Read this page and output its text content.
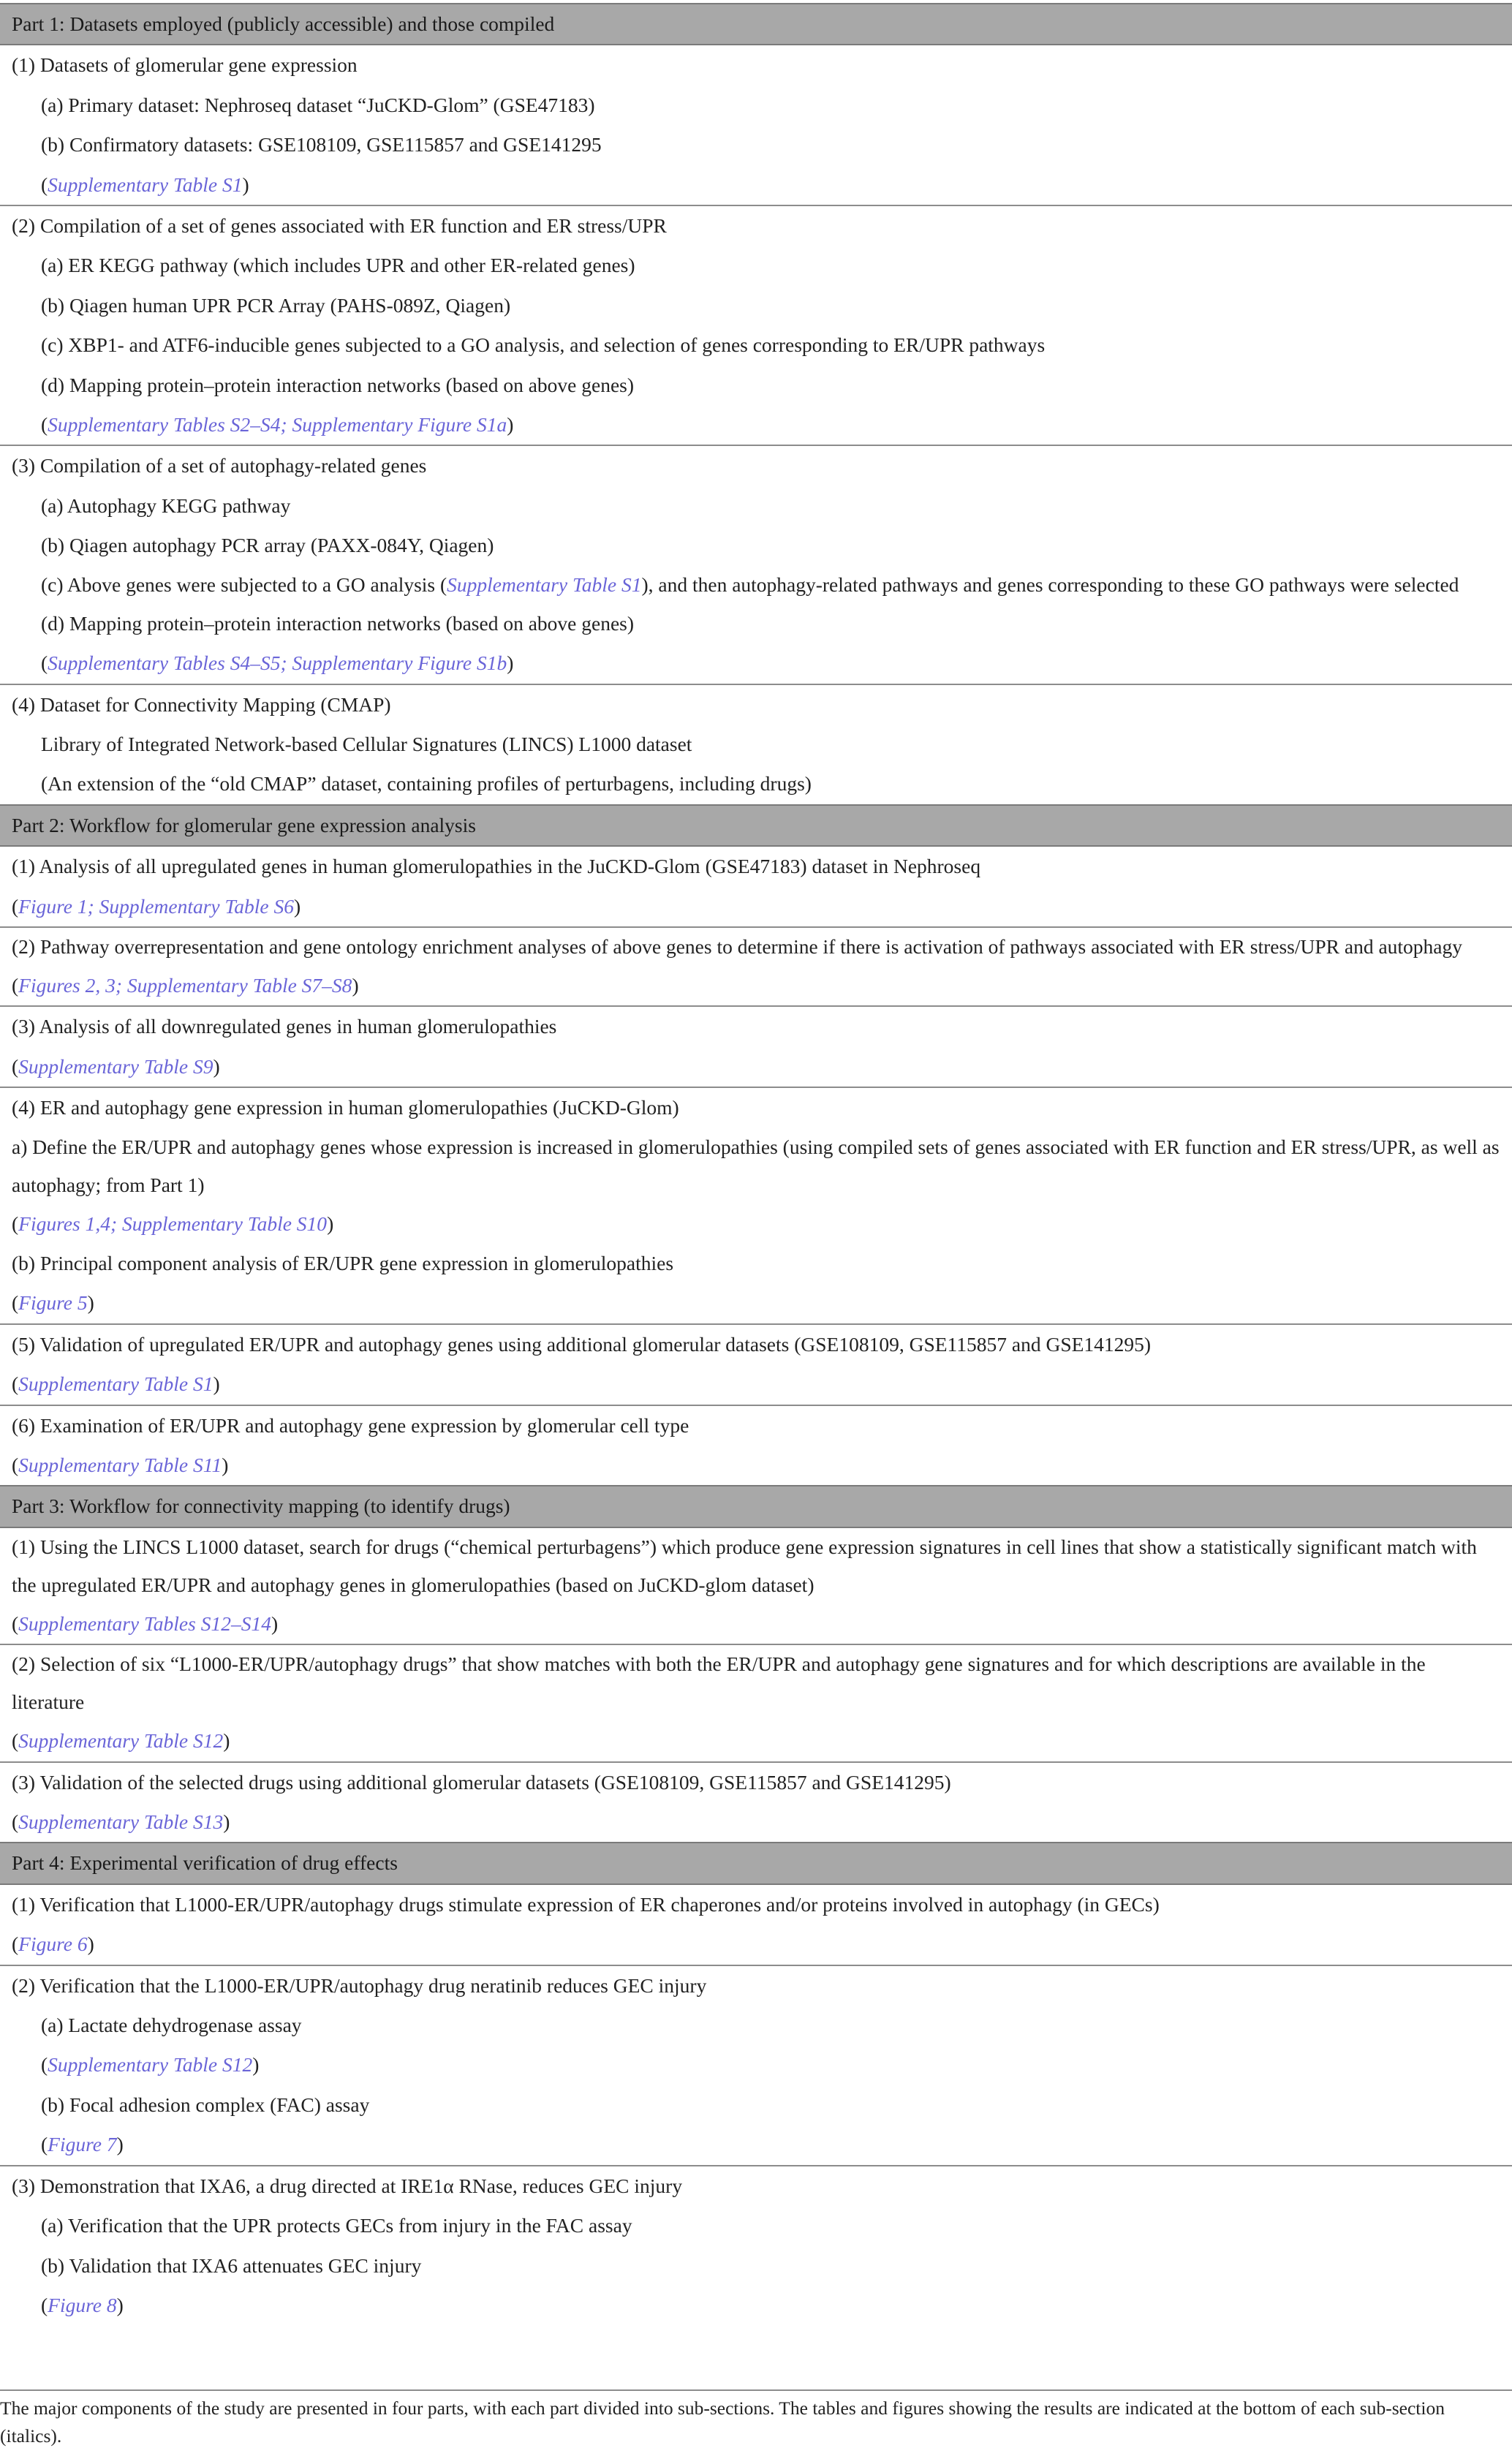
Part 1: Datasets employed (publicly accessible) and those compiled

(1) Datasets of glomerular gene expression
(a) Primary dataset: Nephroseq dataset “JuCKD-Glom” (GSE47183)
(b) Confirmatory datasets: GSE108109, GSE115857 and GSE141295
(Supplementary Table S1)

(2) Compilation of a set of genes associated with ER function and ER stress/UPR
(a) ER KEGG pathway (which includes UPR and other ER-related genes)
(b) Qiagen human UPR PCR Array (PAHS-089Z, Qiagen)
(c) XBP1- and ATF6-inducible genes subjected to a GO analysis, and selection of genes corresponding to ER/UPR pathways
(d) Mapping protein–protein interaction networks (based on above genes)
(Supplementary Tables S2–S4; Supplementary Figure S1a)

(3) Compilation of a set of autophagy-related genes
(a) Autophagy KEGG pathway
(b) Qiagen autophagy PCR array (PAXX-084Y, Qiagen)
(c) Above genes were subjected to a GO analysis (Supplementary Table S1), and then autophagy-related pathways and genes corresponding to these GO pathways were selected
(d) Mapping protein–protein interaction networks (based on above genes)
(Supplementary Tables S4–S5; Supplementary Figure S1b)

(4) Dataset for Connectivity Mapping (CMAP)
Library of Integrated Network-based Cellular Signatures (LINCS) L1000 dataset
(An extension of the “old CMAP” dataset, containing profiles of perturbagens, including drugs)

Part 2: Workflow for glomerular gene expression analysis

(1) Analysis of all upregulated genes in human glomerulopathies in the JuCKD-Glom (GSE47183) dataset in Nephroseq
(Figure 1; Supplementary Table S6)

(2) Pathway overrepresentation and gene ontology enrichment analyses of above genes to determine if there is activation of pathways associated with ER stress/UPR and autophagy
(Figures 2, 3; Supplementary Table S7–S8)

(3) Analysis of all downregulated genes in human glomerulopathies
(Supplementary Table S9)

(4) ER and autophagy gene expression in human glomerulopathies (JuCKD-Glom)
a) Define the ER/UPR and autophagy genes whose expression is increased in glomerulopathies (using compiled sets of genes associated with ER function and ER stress/UPR, as well as autophagy; from Part 1)
(Figures 1,4; Supplementary Table S10)
(b) Principal component analysis of ER/UPR gene expression in glomerulopathies
(Figure 5)

(5) Validation of upregulated ER/UPR and autophagy genes using additional glomerular datasets (GSE108109, GSE115857 and GSE141295)
(Supplementary Table S1)

(6) Examination of ER/UPR and autophagy gene expression by glomerular cell type
(Supplementary Table S11)

Part 3: Workflow for connectivity mapping (to identify drugs)

(1) Using the LINCS L1000 dataset, search for drugs (“chemical perturbagens”) which produce gene expression signatures in cell lines that show a statistically significant match with the upregulated ER/UPR and autophagy genes in glomerulopathies (based on JuCKD-glom dataset)
(Supplementary Tables S12–S14)

(2) Selection of six “L1000-ER/UPR/autophagy drugs” that show matches with both the ER/UPR and autophagy gene signatures and for which descriptions are available in the literature
(Supplementary Table S12)

(3) Validation of the selected drugs using additional glomerular datasets (GSE108109, GSE115857 and GSE141295)
(Supplementary Table S13)

Part 4: Experimental verification of drug effects

(1) Verification that L1000-ER/UPR/autophagy drugs stimulate expression of ER chaperones and/or proteins involved in autophagy (in GECs)
(Figure 6)

(2) Verification that the L1000-ER/UPR/autophagy drug neratinib reduces GEC injury
(a) Lactate dehydrogenase assay
(Supplementary Table S12)
(b) Focal adhesion complex (FAC) assay
(Figure 7)

(3) Demonstration that IXA6, a drug directed at IRE1α RNase, reduces GEC injury
(a) Verification that the UPR protects GECs from injury in the FAC assay
(b) Validation that IXA6 attenuates GEC injury
(Figure 8)
The major components of the study are presented in four parts, with each part divided into sub-sections. The tables and figures showing the results are indicated at the bottom of each sub-section (italics).
